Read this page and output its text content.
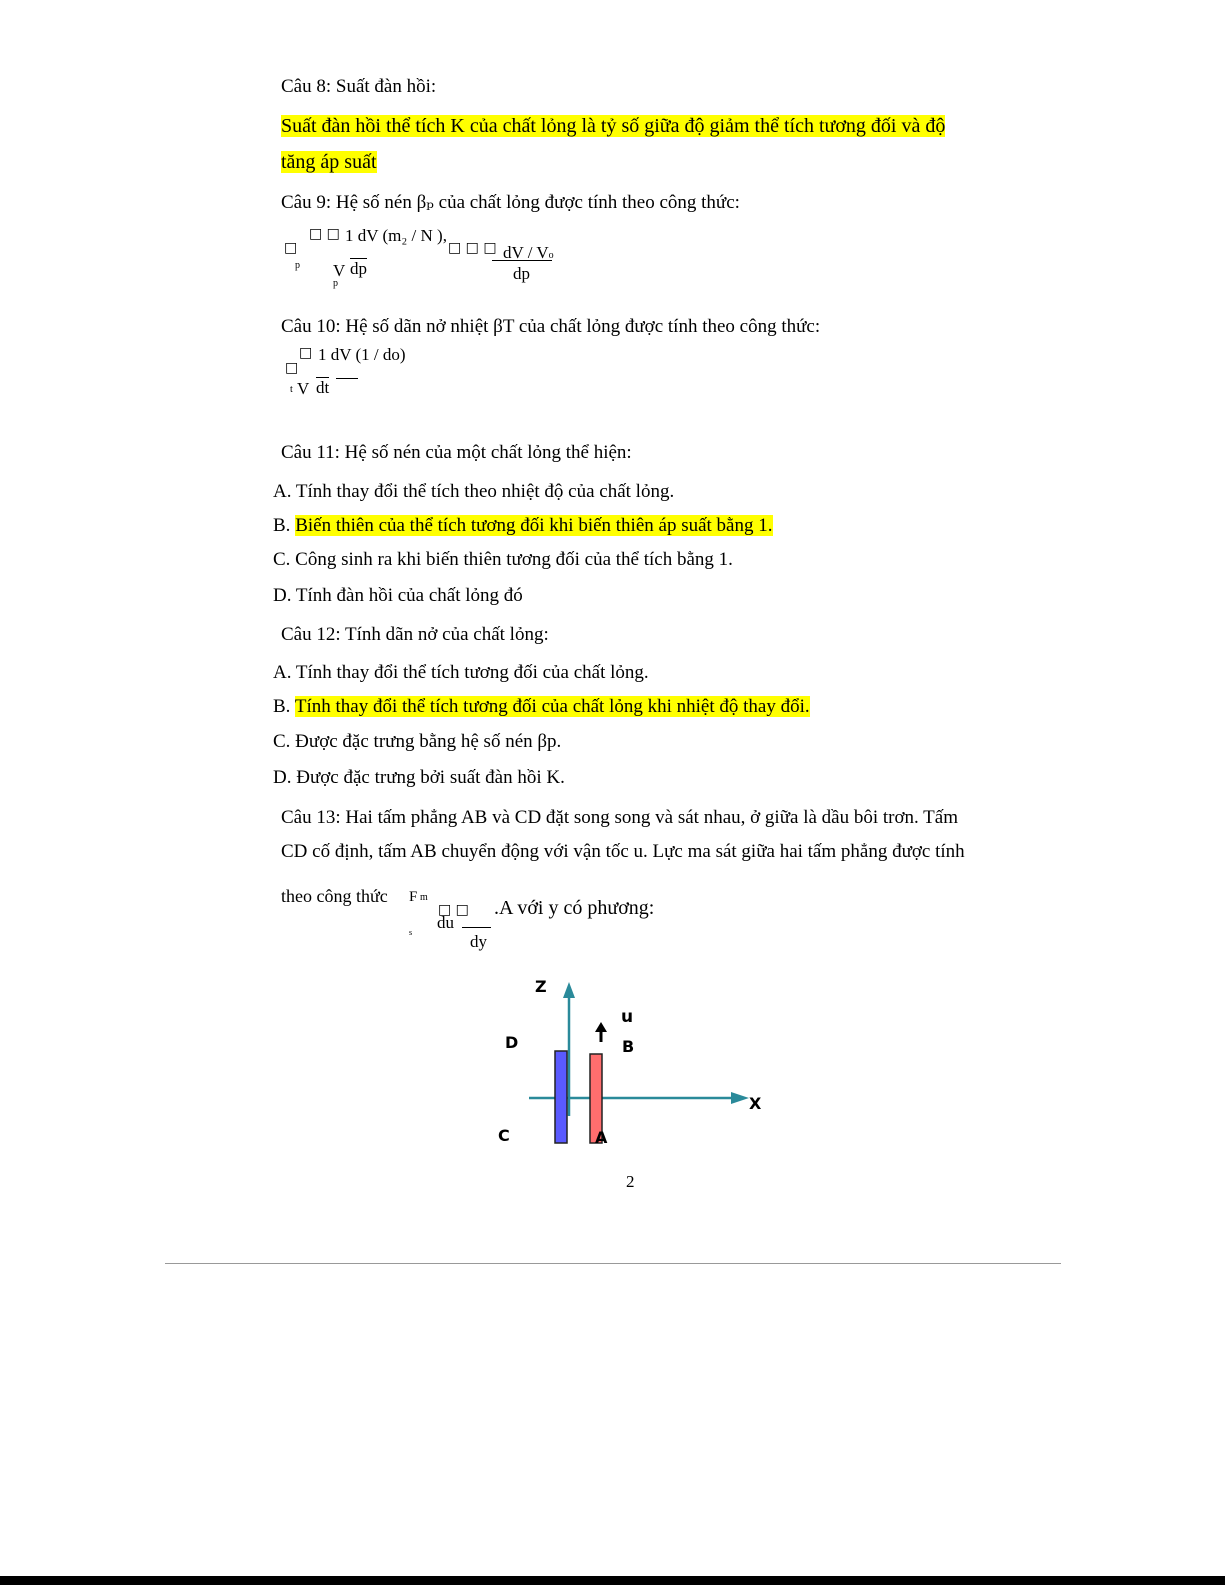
Câu 8: Suất đàn hồi:
Suất đàn hồi thể tích K của chất lỏng là tỷ số giữa độ giảm thể tích tương đối và độ
tăng áp suất
Câu 9: Hệ số nén βₚ của chất lỏng được tính theo công thức:
□ □ 1 dV (m₂ / N ),
□
p V dp
p
□ □ □ dV / Vo
dp
Câu 10: Hệ số dãn nở nhiệt βT của chất lỏng được tính theo công thức:
□ 1 dV (1 / do)
□
t V dt
Câu 11: Hệ số nén của một chất lỏng thể hiện:
A. Tính thay đổi thể tích theo nhiệt độ của chất lỏng.
B. Biến thiên của thể tích tương đối khi biến thiên áp suất bằng 1.
C. Công sinh ra khi biến thiên tương đối của thể tích bằng 1.
D. Tính đàn hồi của chất lỏng đó
Câu 12: Tính dãn nở của chất lỏng:
A. Tính thay đổi thể tích tương đối của chất lỏng.
B. Tính thay đổi thể tích tương đối của chất lỏng khi nhiệt độ thay đổi.
C. Được đặc trưng bằng hệ số nén βp.
D. Được đặc trưng bởi suất đàn hồi K.
Câu 13: Hai tấm phẳng AB và CD đặt song song và sát nhau, ở giữa là dầu bôi trơn. Tấm
CD cố định, tấm AB chuyển động với vận tốc u. Lực ma sát giữa hai tấm phẳng được tính
theo công thức F m
s
□ □
du
dy
.A với y có phương:
Z
X
u
D	B
C	A
2
